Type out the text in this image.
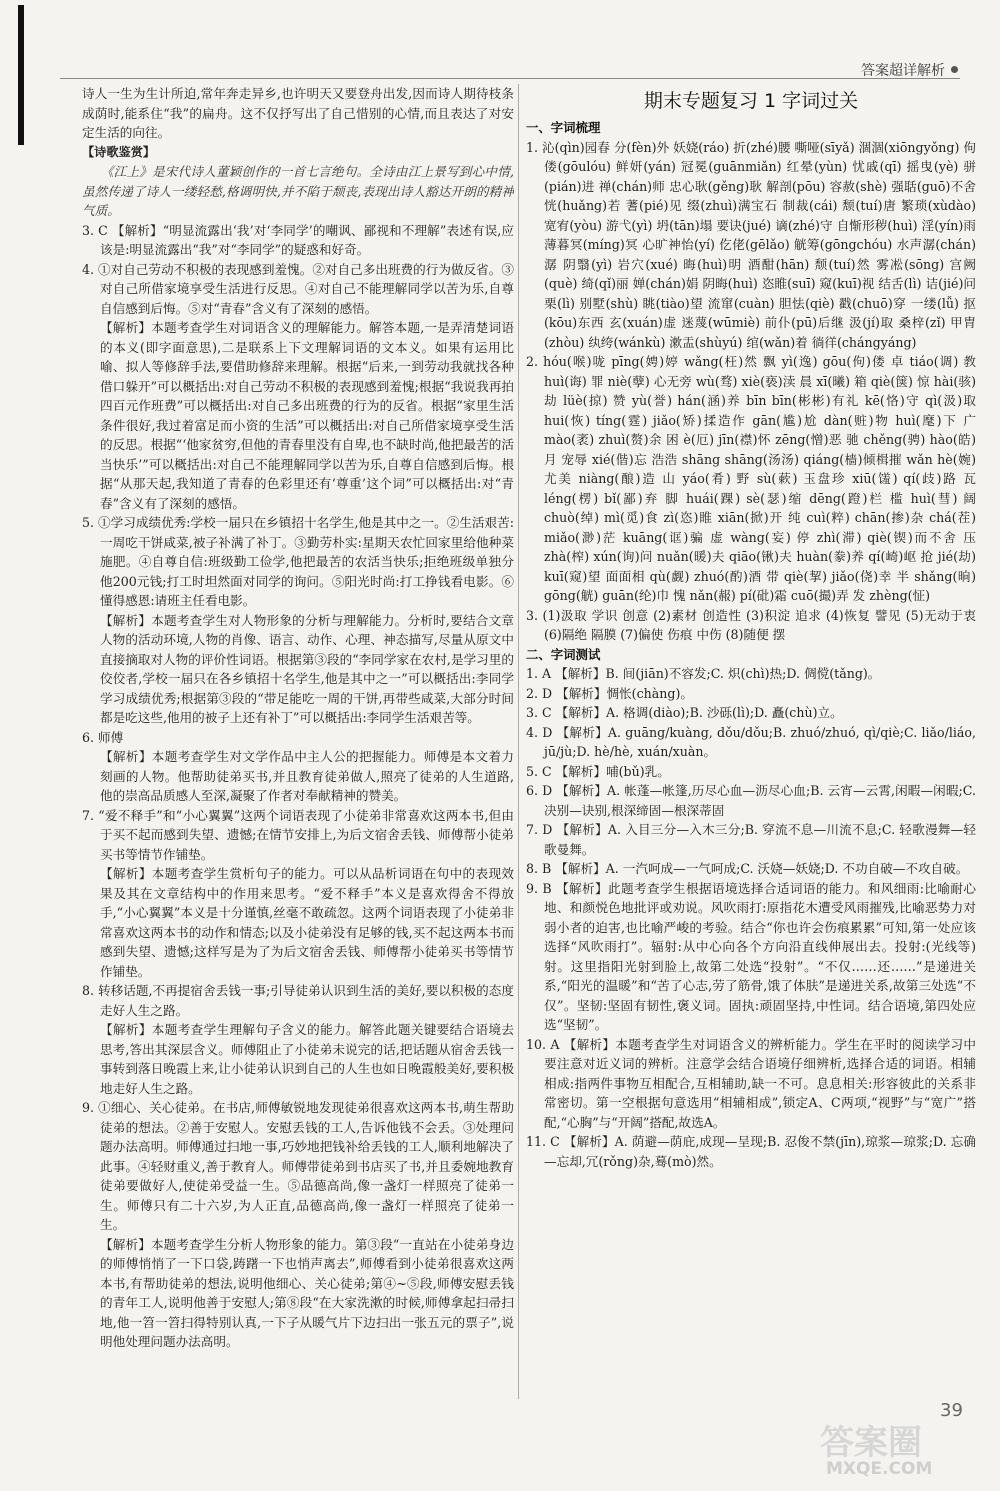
答案超详解析

诗人一生为生计所迫,常年奔走异乡,也许明天又要登舟出发,因而诗人期待枝条成荫时,能系住“我”的扁舟。这不仅抒写出了自己惜别的心情,而且表达了对安定生活的向往。

【诗歌鉴赏】

《江上》是宋代诗人董颖创作的一首七言绝句。全诗由江上景写到心中情,虽然传递了诗人一缕轻愁,格调明快,并不陷于颓丧,表现出诗人豁达开朗的精神气质。

3. C 【解析】“明显流露出‘我’对‘李同学’的嘲讽、鄙视和不理解”表述有误,应该是:明显流露出“我”对“李同学”的疑惑和好奇。

4. ①对自己劳动不积极的表现感到羞愧。②对自己多出班费的行为做反省。③对自己所借家境享受生活进行反思。④对自己不能理解同学以苦为乐,自尊自信感到后悔。⑤对“青春”含义有了深刻的感悟。

【解析】本题考查学生对词语含义的理解能力。解答本题,一是弄清楚词语的本义(即字面意思),二是联系上下文理解词语的文本义。如果有运用比喻、拟人等修辞手法,要借助修辞来理解。根据“后来,一到劳动我就找各种借口躲开”可以概括出:对自己劳动不积极的表现感到羞愧;根据“我说我再拍四百元作班费”可以概括出:对自己多出班费的行为的反省。根据“家里生活条件很好,我过着富足而小资的生活”可以概括出:对自己所借家境享受生活的反思。根据“‘他家贫穷,但他的青春里没有自卑,也不缺时尚,他把最苦的活当快乐’”可以概括出:对自己不能理解同学以苦为乐,自尊自信感到后悔。根据“从那天起,我知道了青春的色彩里还有‘尊重’这个词”可以概括出:对“青春”含义有了深刻的感悟。

5. ①学习成绩优秀:学校一届只在乡镇招十名学生,他是其中之一。②生活艰苦:一周吃干饼咸菜,被子补满了补丁。③勤劳朴实:星期天农忙回家里给他种菜施肥。④自尊自信:班级勤工俭学,他把最苦的农活当快乐;拒绝班级单独分他200元钱;打工时坦然面对同学的询问。⑤阳光时尚:打工挣钱看电影。⑥懂得感恩:请班主任看电影。

【解析】本题考查学生对人物形象的分析与理解能力。分析时,要结合文章人物的活动环境,人物的肖像、语言、动作、心理、神态描写,尽量从原文中直接摘取对人物的评价性词语。根据第③段的“李同学家在农村,是学习里的佼佼者,学校一届只在各乡镇招十名学生,他是其中之一”可以概括出:李同学学习成绩优秀;根据第③段的“带足能吃一周的干饼,再带些咸菜,大部分时间都是吃这些,他用的被子上还有补丁”可以概括出:李同学生活艰苦等。

6. 师傅

【解析】本题考查学生对文学作品中主人公的把握能力。师傅是本文着力刻画的人物。他帮助徒弟买书,并且教育徒弟做人,照亮了徒弟的人生道路,他的崇高品质感人至深,凝聚了作者对奉献精神的赞美。

7. “爱不释手”和“小心翼翼”这两个词语表现了小徒弟非常喜欢这两本书,但由于买不起而感到失望、遗憾;在情节安排上,为后文宿舍丢钱、师傅帮小徒弟买书等情节作铺垫。

【解析】本题考查学生赏析句子的能力。可以从品析词语在句中的表现效果及其在文章结构中的作用来思考。“爱不释手”本义是喜欢得舍不得放手,“小心翼翼”本义是十分谨慎,丝毫不敢疏忽。这两个词语表现了小徒弟非常喜欢这两本书的动作和情态;以及小徒弟没有足够的钱,买不起这两本书而感到失望、遗憾;这样写是为了为后文宿舍丢钱、师傅帮小徒弟买书等情节作铺垫。

8. 转移话题,不再提宿舍丢钱一事;引导徒弟认识到生活的美好,要以积极的态度走好人生之路。

【解析】本题考查学生理解句子含义的能力。解答此题关键要结合语境去思考,答出其深层含义。师傅阻止了小徒弟未说完的话,把话题从宿舍丢钱一事转到落日晚霞上来,让小徒弟认识到自己的人生也如日晚霞般美好,要积极地走好人生之路。

9. ①细心、关心徒弟。在书店,师傅敏锐地发现徒弟很喜欢这两本书,萌生帮助徒弟的想法。②善于安慰人。安慰丢钱的工人,告诉他钱不会丢。③处理问题办法高明。师傅通过扫地一事,巧妙地把钱补给丢钱的工人,顺利地解决了此事。④轻财重义,善于教育人。师傅带徒弟到书店买了书,并且委婉地教育徒弟要做好人,使徒弟受益一生。⑤品德高尚,像一盏灯一样照亮了徒弟一生。师傅只有二十六岁,为人正直,品德高尚,像一盏灯一样照亮了徒弟一生。

【解析】本题考查学生分析人物形象的能力。第③段“一直站在小徒弟身边的师傅悄悄了一下口袋,踌躇一下也悄声离去”,师傅看到小徒弟很喜欢这两本书,有帮助徒弟的想法,说明他细心、关心徒弟;第④~⑤段,师傅安慰丢钱的青年工人,说明他善于安慰人;第⑧段“在大家洗漱的时候,师傅拿起扫帚扫地,他一笤一笤扫得特别认真,一下子从暖气片下边扫出一张五元的票子”,说明他处理问题办法高明。

期末专题复习 1 字词过关

一、字词梳理

1. 沁(qìn)园春 分(fèn)外 妖娆(ráo) 折(zhé)腰 嘶哑(sīyǎ) 涸涸(xiōngyǒng) 佝偻(gōulóu) 鲜妍(yán) 冠冕(guānmiǎn) 红晕(yùn) 忧戚(qī) 摇曳(yè) 骈(pián)进 禅(chán)师 忠心耿(gěng)耿 解剖(pōu) 容赦(shè) 强聒(guō)不舍 恍(huǎng)若 蓍(pié)见 缀(zhuì)满宝石 制裁(cái) 颓(tuí)唐 繁琐(xùdào) 宽宥(yòu) 游弋(yì) 坍(tān)塌 要诀(jué) 谪(zhé)守 自惭形秽(huì) 淫(yín)雨 薄暮冥(míng)冥 心旷神怡(yí) 仡佬(gēlǎo) 觥筹(gōngchóu) 水声潺(chán)潺 阴翳(yì) 岩穴(xué) 晦(huì)明 酒酣(hān) 颓(tuí)然 雾凇(sōng) 宫阙(què) 绮(qǐ)丽 婵(chán)娟 阴晦(huì) 恣睢(suī) 窥(kuī)视 结舌(lì) 诘(jié)问 栗(lì) 别墅(shù) 眺(tiào)望 流窜(cuàn) 胆怯(qiè) 戳(chuō)穿 一缕(lǚ) 抠(kōu)东西 玄(xuán)虚 迷蔑(wūmiè) 前仆(pū)后继 汲(jí)取 桑梓(zǐ) 甲胄(zhòu) 纨绔(wánkù) 漱盂(shùyú) 绾(wǎn)着 徜徉(chángyáng)

2. hóu(喉)咙 pīng(娉)婷 wǎng(枉)然 飘 yì(逸) gōu(佝)偻 卓 tiáo(调) 教 huì(诲) 罪 niè(孽) 心无旁 wù(骛) xiè(亵)渎 晨 xī(曦) 箱 qiè(箧) 惊 hài(骇) 劫 lüè(掠) 赞 yù(誉) hán(涵)养 bīn bīn(彬彬)有礼 kē(恪)守 qì(汲)取 hui(恢) tíng(霆) jiǎo(矫)揉造作 gān(尴)尬 dàn(赃)物 huì(麾)下 广 mào(袤) zhuì(赘)余 困 è(厄) jīn(襟)怀 zēng(憎)恶 驰 chěng(骋) hào(皓)月 宠辱 xié(偕)忘 浩浩 shāng shāng(汤汤) qiáng(樯)倾楫摧 wǎn hè(婉)尤美 niàng(酿)造 山 yáo(肴) 野 sù(蔌) 玉盘珍 xiū(馐) qí(歧)路 瓦 léng(楞) bǐ(鄙)弃 脚 huái(踝) sè(瑟)缩 dēng(蹬)栏 槛 huì(彗) 阔 chuò(绰) mì(觅)食 zì(恣)睢 xiān(掀)开 纯 cuì(粹) chān(掺)杂 chá(茬) miǎo(渺)茫 kuāng(诓)骗 虚 wàng(妄) 停 zhì(滞) qiè(锲)而不舍 压 zhà(榨) xún(询)问 nuǎn(暖)夫 qiāo(锹)夫 huàn(豢)养 qí(崎)岖 抢 jié(劫) kuī(窥)望 面面相 qù(觑) zhuó(酌)酒 带 qiè(挈) jiǎo(侥)幸 半 shǎng(晌) gōng(觥) guān(纶)巾 愧 nǎn(赧) pí(砒)霜 cuō(撮)弄 发 zhèng(怔)

3. (1)汲取 学识 创意 (2)素材 创造性 (3)积淀 追求 (4)恢复 譬见 (5)无动于衷 (6)隔绝 隔膜 (7)偏使 伤痕 中伤 (8)随便 摆

二、字词测试

1. A 【解析】B. 间(jiān)不容发;C. 炽(chì)热;D. 倜傥(tǎng)。

2. D 【解析】惆怅(chàng)。

3. C 【解析】A. 格调(diào);B. 沙砾(lì);D. 矗(chù)立。

4. D 【解析】A. guāng/kuàng, dǒu/dǒu;B. zhuó/zhuó, qì/qiè;C. liǎo/liáo, jū/jù;D. hè/hè, xuán/xuàn。

5. C 【解析】哺(bǔ)乳。

6. D 【解析】A. 帐蓬—帐篷,历尽心血—沥尽心血;B. 云宵—云霄,闲暇—闲暇;C. 决别—诀别,根深缔固—根深蒂固

7. D 【解析】A. 入目三分—入木三分;B. 穿流不息—川流不息;C. 轻歌漫舞—轻歌曼舞。

8. B 【解析】A. 一汽呵成—一气呵成;C. 沃娆—妖娆;D. 不功自破—不攻自破。

9. B 【解析】此题考查学生根据语境选择合适词语的能力。和风细雨:比喻耐心地、和颜悦色地批评或劝说。风吹雨打:原指花木遭受风雨摧残,比喻恶势力对弱小者的迫害,也比喻严峻的考验。结合“你也许会伤痕累累”可知,第一处应该选择“风吹雨打”。辐射:从中心向各个方向沿直线伸展出去。投射:(光线等)射。这里指阳光射到脸上,故第二处选“投射”。“不仅……还……”是递进关系,“阳光的温暖”和“苦了心志,劳了筋骨,饿了体肤”是递进关系,故第三处选“不仅”。坚韧:坚固有韧性,褒义词。固执:顽固坚持,中性词。结合语境,第四处应选“坚韧”。

10. A 【解析】本题考查学生对词语含义的辨析能力。学生在平时的阅读学习中要注意对近义词的辨析。注意学会结合语境仔细辨析,选择合适的词语。相辅相成:指两件事物互相配合,互相辅助,缺一不可。息息相关:形容彼此的关系非常密切。第一空根据句意选用“相辅相成”,锁定A、C两项,“视野”与“宽广”搭配,“心胸”与“开阔”搭配,故选A。

11. C 【解析】A. 荫避—荫庇,成现—呈现;B. 忍俊不禁(jīn),琼浆—琼浆;D. 忘确—忘却,冗(rǒng)杂,蓦(mò)然。

39
答案圈
MXQE.COM
